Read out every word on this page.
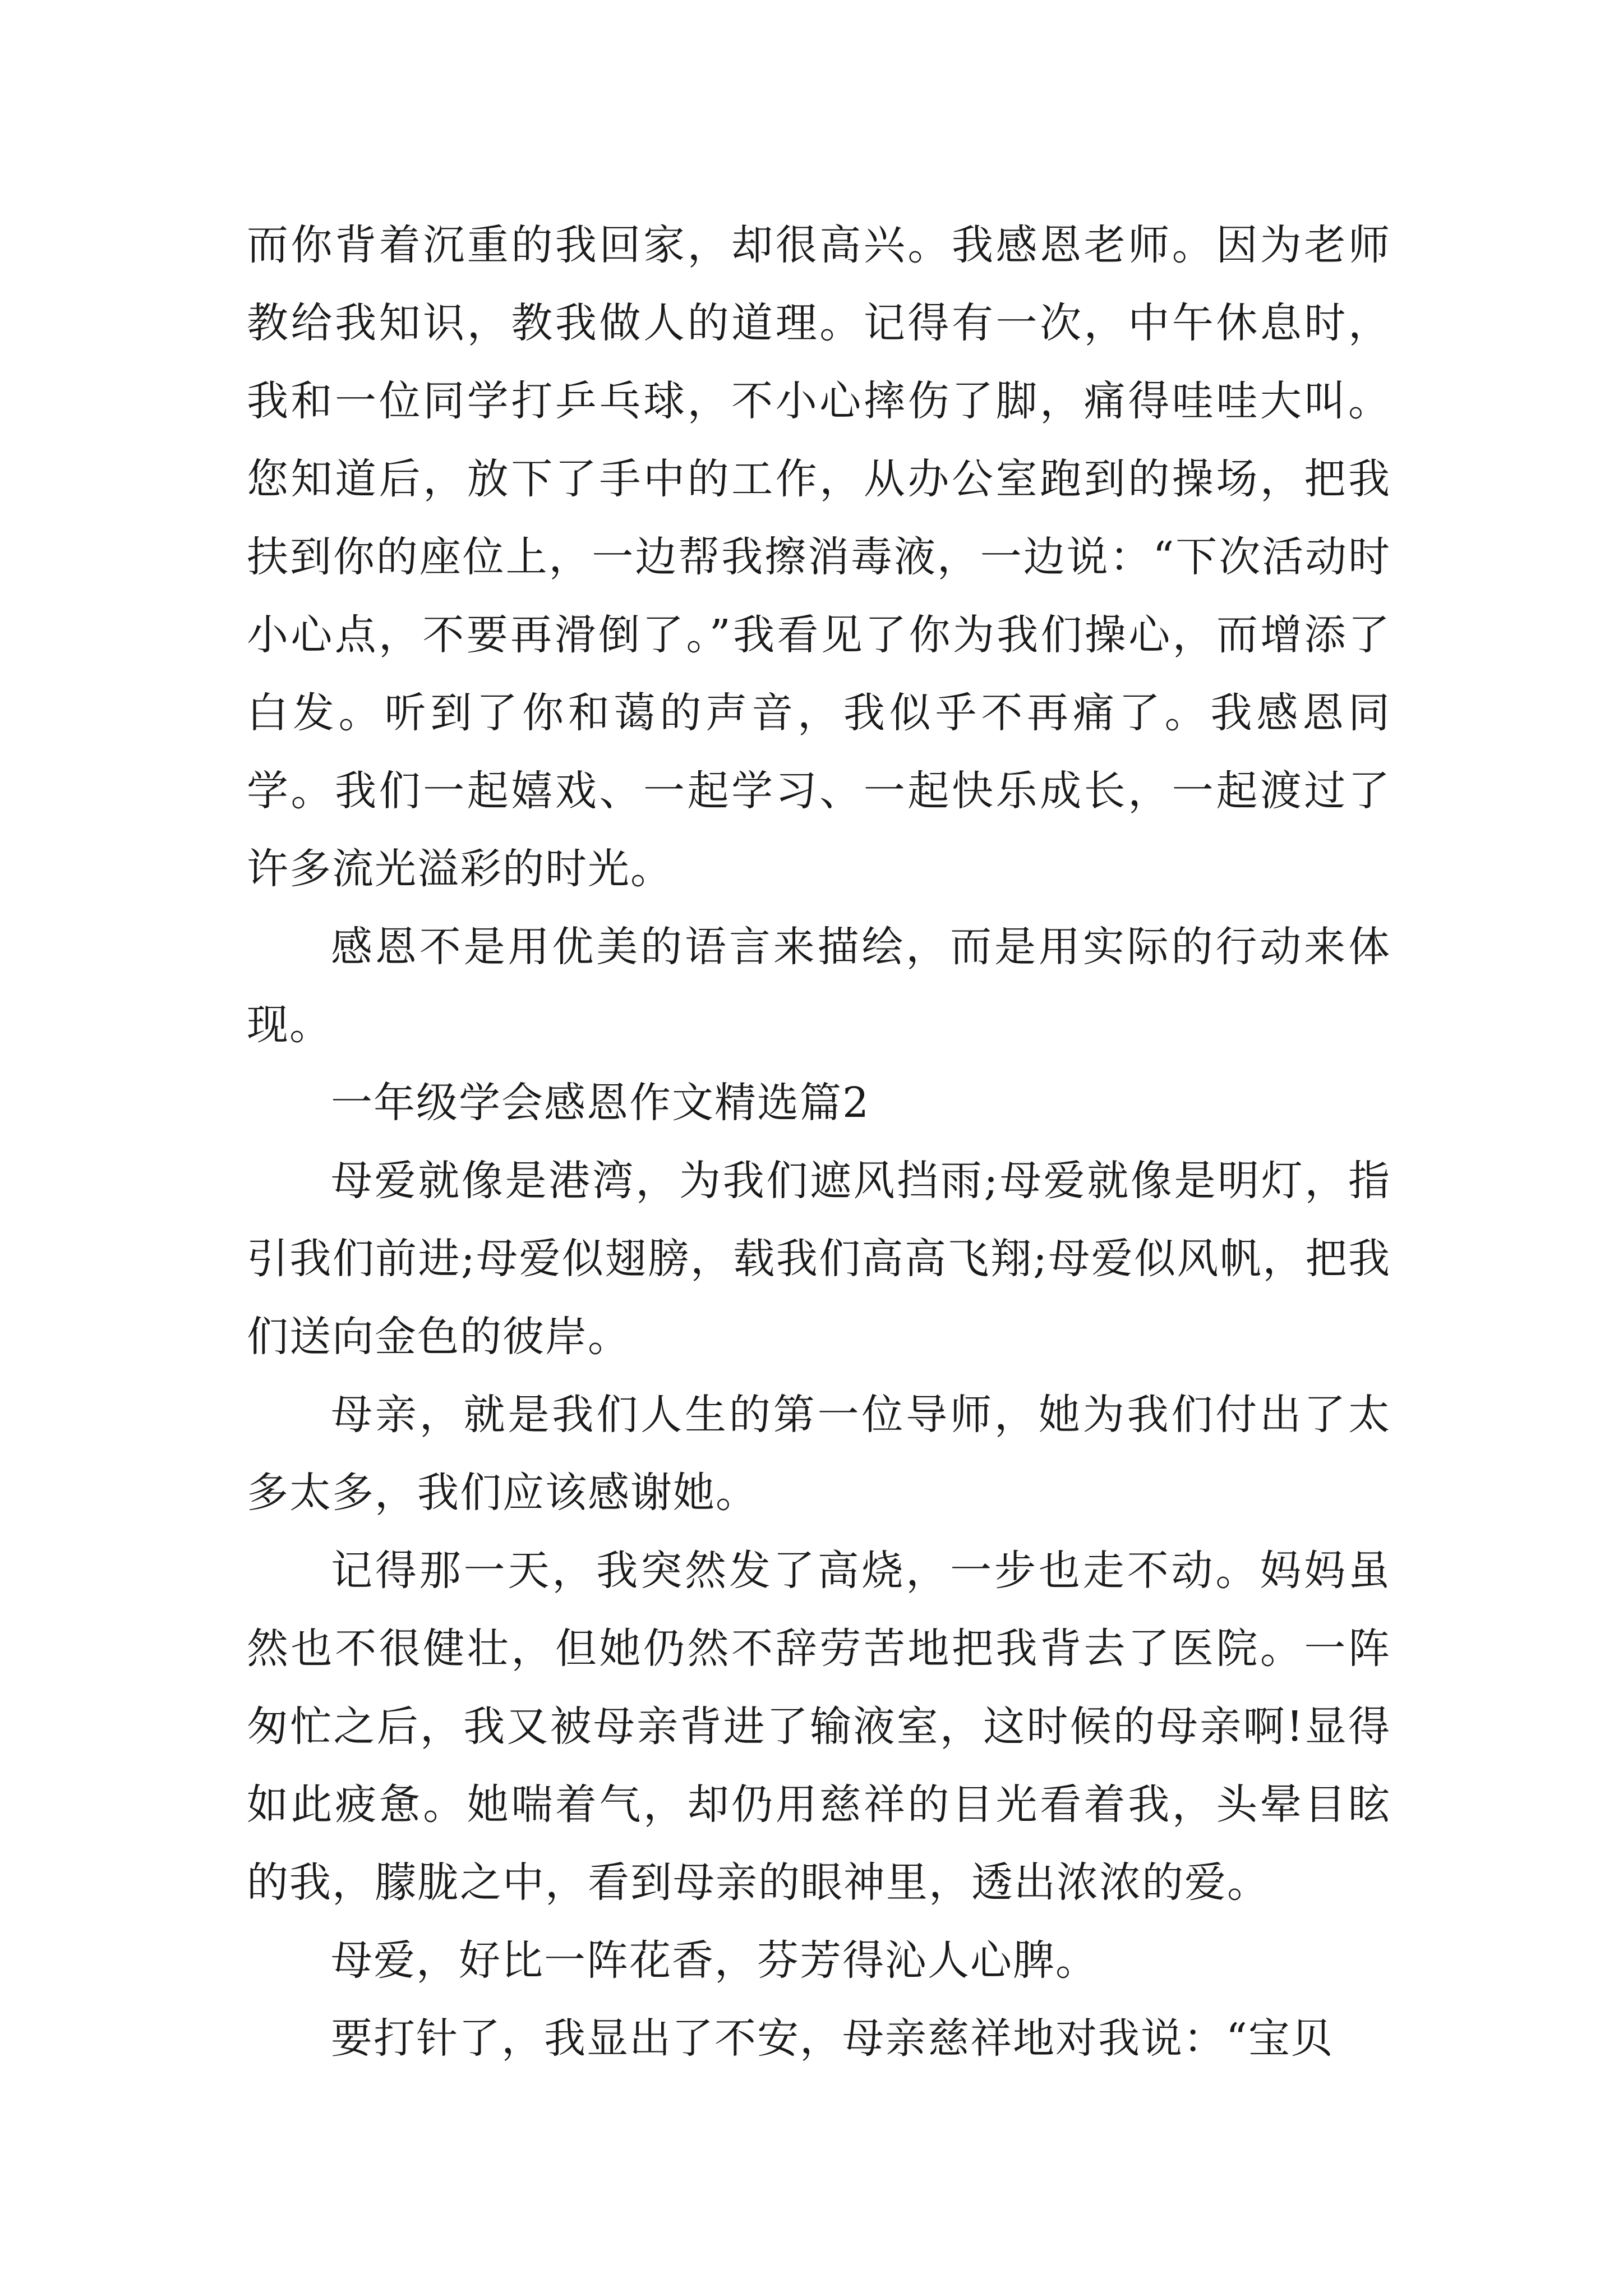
而你背着沉重的我回家，却很高兴。我感恩老师。因为老师教给我知识，教我做人的道理。记得有一次，中午休息时，我和一位同学打乒乓球，不小心摔伤了脚，痛得哇哇大叫。您知道后，放下了手中的工作，从办公室跑到的操场，把我扶到你的座位上，一边帮我擦消毒液，一边说：“下次活动时小心点，不要再滑倒了。”我看见了你为我们操心，而增添了白发。听到了你和蔼的声音，我似乎不再痛了。我感恩同学。我们一起嬉戏、一起学习、一起快乐成长，一起渡过了许多流光溢彩的时光。

感恩不是用优美的语言来描绘，而是用实际的行动来体现。

一年级学会感恩作文精选篇2

母爱就像是港湾，为我们遮风挡雨;母爱就像是明灯，指引我们前进;母爱似翅膀，载我们高高飞翔;母爱似风帆，把我们送向金色的彼岸。

母亲，就是我们人生的第一位导师，她为我们付出了太多太多，我们应该感谢她。

记得那一天，我突然发了高烧，一步也走不动。妈妈虽然也不很健壮，但她仍然不辞劳苦地把我背去了医院。一阵匆忙之后，我又被母亲背进了输液室，这时候的母亲啊!显得如此疲惫。她喘着气，却仍用慈祥的目光看着我，头晕目眩的我，朦胧之中，看到母亲的眼神里，透出浓浓的爱。

母爱，好比一阵花香，芬芳得沁人心脾。

要打针了，我显出了不安，母亲慈祥地对我说：“宝贝
